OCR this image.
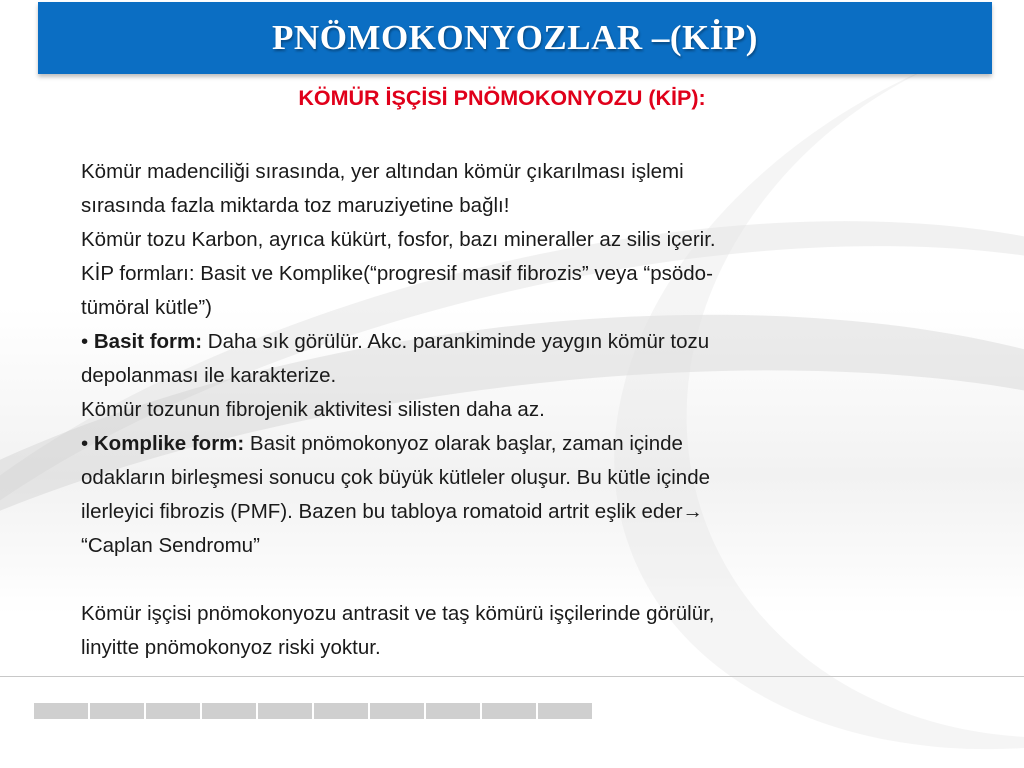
PNÖMOKONYOZLAR –(KİP)
KÖMÜR İŞÇİSİ PNÖMOKONYOZU (KİP):

Kömür madenciliği sırasında, yer altından kömür çıkarılması işlemi

sırasında fazla miktarda toz maruziyetine bağlı!

Kömür tozu Karbon, ayrıca kükürt, fosfor, bazı mineraller az silis içerir.

KİP formları: Basit ve Komplike(“progresif masif fibrozis” veya “psödo-

tümöral kütle”)

• Basit form: Daha sık görülür. Akc. parankiminde yaygın kömür tozu

depolanması ile karakterize.

Kömür tozunun fibrojenik aktivitesi silisten daha az.

• Komplike form: Basit pnömokonyoz olarak başlar, zaman içinde

odakların birleşmesi sonucu çok büyük kütleler oluşur. Bu kütle içinde

ilerleyici fibrozis (PMF). Bazen bu tabloya romatoid artrit eşlik eder→

“Caplan Sendromu”

Kömür işçisi pnömokonyozu antrasit ve taş kömürü işçilerinde görülür,

linyitte pnömokonyoz riski yoktur.
